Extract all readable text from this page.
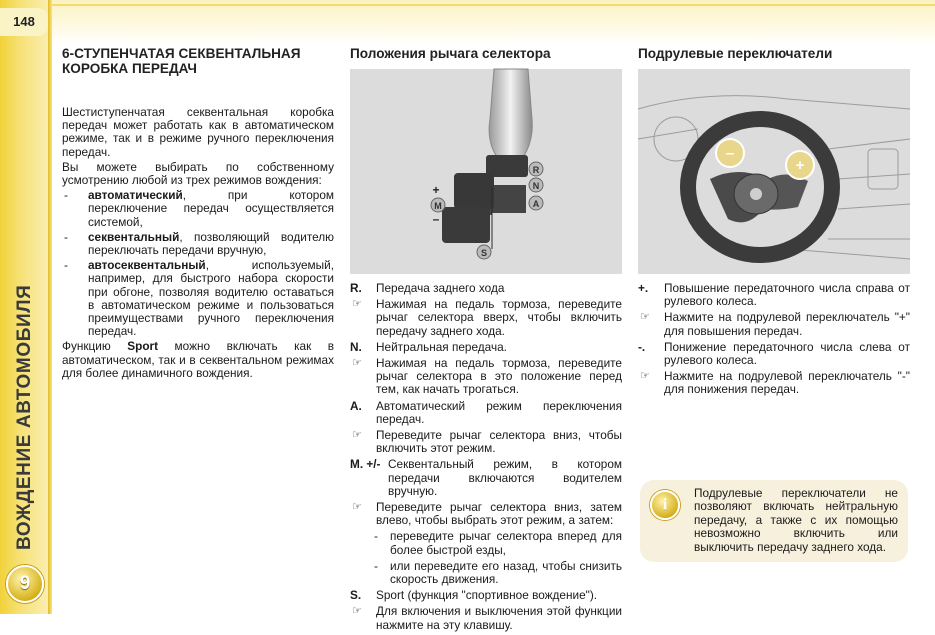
148
ВОЖДЕНИЕ АВТОМОБИЛЯ
9
6-СТУПЕНЧАТАЯ СЕКВЕНТАЛЬНАЯ КОРОБКА ПЕРЕДАЧ

Шестиступенчатая секвентальная коробка передач может работать как в автоматическом режиме, так и в режиме ручного переключения передач.

Вы можете выбирать по собственному усмотрению любой из трех режимов вождения:

- автоматический, при котором переключение передач осуществляется системой,
- секвентальный, позволяющий водителю переключать передачи вручную,
- автосеквентальный, используемый, например, для быстрого набора скорости при обгоне, позволяя водителю оставаться в автоматическом режиме и пользоваться преимуществами ручного переключения передач.

Функцию Sport можно включать как в автоматическом, так и в секвентальном режимах для более динамичного вождения.

Положения рычага селектора
R
N
A
M
+
–
S
R. Передача заднего хода
☞ Нажимая на педаль тормоза, переведите рычаг селектора вверх, чтобы включить передачу заднего хода.
N. Нейтральная передача.
☞ Нажимая на педаль тормоза, переведите рычаг селектора в это положение перед тем, как начать трогаться.
A. Автоматический режим переключения передач.
☞ Переведите рычаг селектора вниз, чтобы включить этот режим.
M. +/- Секвентальный режим, в котором передачи включаются водителем вручную.
☞ Переведите рычаг селектора вниз, затем влево, чтобы выбрать этот режим, а затем:
- переведите рычаг селектора вперед для более быстрой езды,
- или переведите его назад, чтобы снизить скорость движения.
S. Sport (функция "спортивное вождение").
☞ Для включения и выключения этой функции нажмите на эту клавишу.
Подрулевые переключатели
–
+
+. Повышение передаточного числа справа от рулевого колеса.
☞ Нажмите на подрулевой переключатель "+" для повышения передач.
-. Понижение передаточного числа слева от рулевого колеса.
☞ Нажмите на подрулевой переключатель "-" для понижения передач.
i
Подрулевые переключатели не позволяют включать нейтральную передачу, а также с их помощью невозможно включить или выключить передачу заднего хода.
